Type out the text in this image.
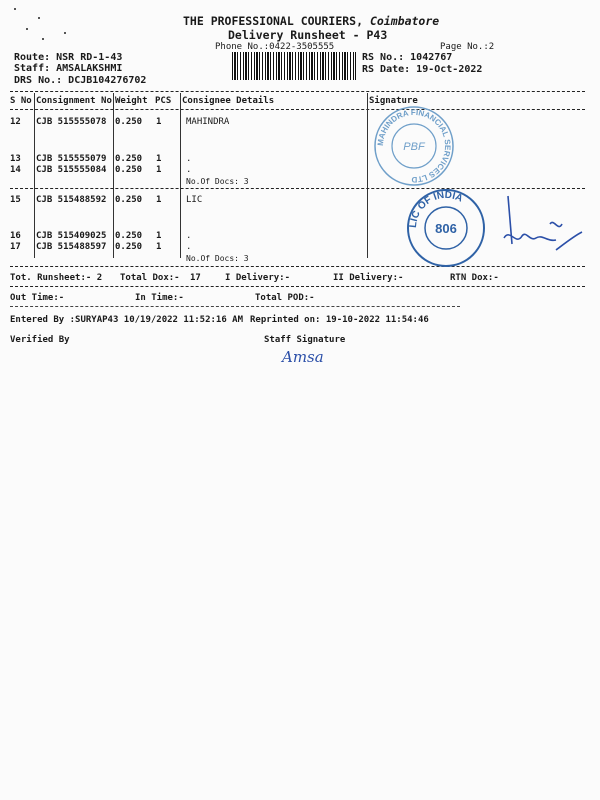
THE PROFESSIONAL COURIERS, Coimbatore
Delivery Runsheet - P43
Phone No.:0422-3505555	Page No.:2
Route: NSR RD-1-43
Staff: AMSALAKSHMI
DRS No.: DCJB104276702
RS No.: 1042767
RS Date: 19-Oct-2022
S No Consignment No Weight PCS Consignee Details	Signature
12 CJB 515555078 0.250 1	MAHINDRA
13 CJB 515555079 0.250 1	.
14 CJB 515555084 0.250 1	.
No.Of Docs: 3
15 CJB 515488592 0.250 1	LIC
16 CJB 515409025 0.250 1	.
17 CJB 515488597 0.250 1	.
No.Of Docs: 3
MAHINDRA FINANCIAL SERVICES LTD
PBF
LIC OF INDIA
806
Tot. Runsheet:- 2 Total Dox:- 17	I Delivery:-	II Delivery:-	RTN Dox:-
Out Time:-	In Time:-	Total POD:-
Entered By :SURYAP43 10/19/2022 11:52:16 AM Reprinted on: 19-10-2022 11:54:46
Verified By	Staff Signature
Amsa
